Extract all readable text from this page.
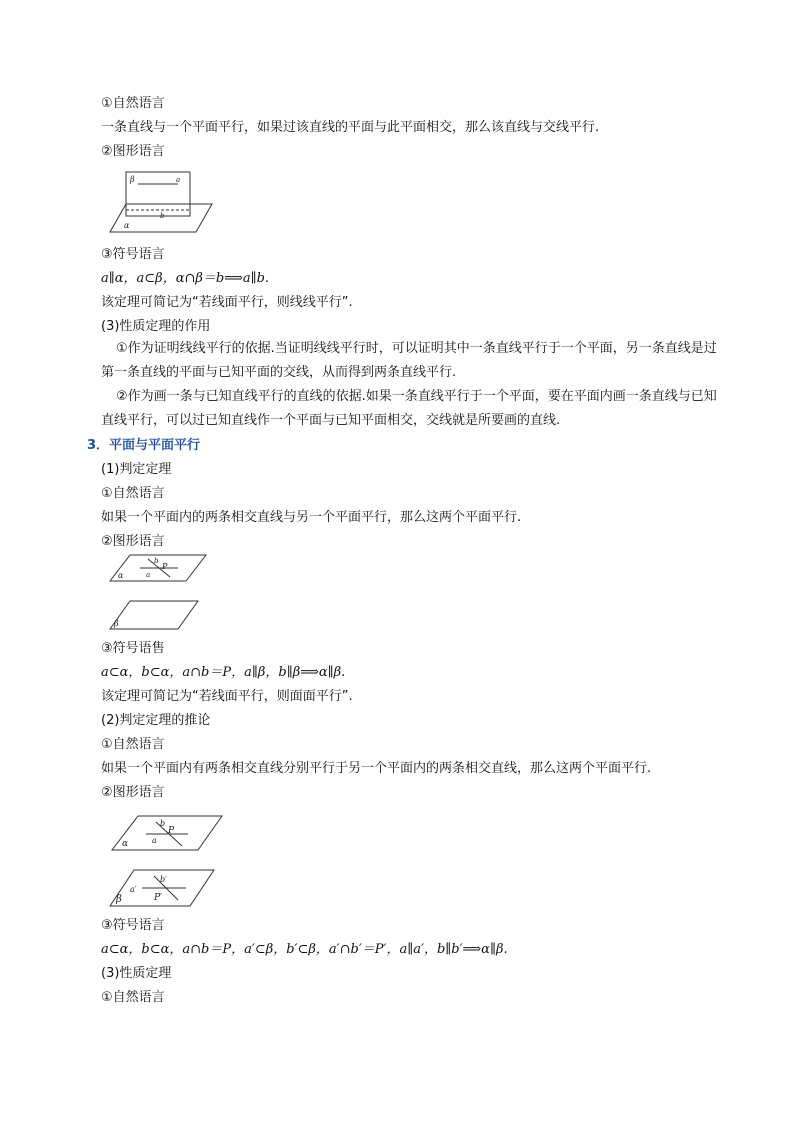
①自然语言
一条直线与一个平面平行，如果过该直线的平面与此平面相交，那么该直线与交线平行.
②图形语言
β	a
b
α
③符号语言
a∥α，a⊂β，α∩β＝b⟹a∥b.
该定理可简记为“若线面平行，则线线平行”.
(3)性质定理的作用
①作为证明线线平行的依据.当证明线线平行时，可以证明其中一条直线平行于一个平面，另一条直线是过第一条直线的平面与已知平面的交线，从而得到两条直线平行.
②作为画一条与已知直线平行的直线的依据.如果一条直线平行于一个平面，要在平面内画一条直线与已知直线平行，可以过已知直线作一个平面与已知平面相交，交线就是所要画的直线.
3．平面与平面平行
(1)判定定理
①自然语言
如果一个平面内的两条相交直线与另一个平面平行，那么这两个平面平行.
②图形语言
b
P
a
α
β
③符号语售
a⊂α，b⊂α，a∩b＝P，a∥β，b∥β⟹α∥β.
该定理可简记为“若线面平行，则面面平行”.
(2)判定定理的推论
①自然语言
如果一个平面内有两条相交直线分别平行于另一个平面内的两条相交直线，那么这两个平面平行.
②图形语言
b
P
a
α
b′
a′
P′
β
③符号语言
a⊂α，b⊂α，a∩b＝P，a′⊂β，b′⊂β，a′∩b′＝P′，a∥a′，b∥b′⟹α∥β.
(3)性质定理
①自然语言
